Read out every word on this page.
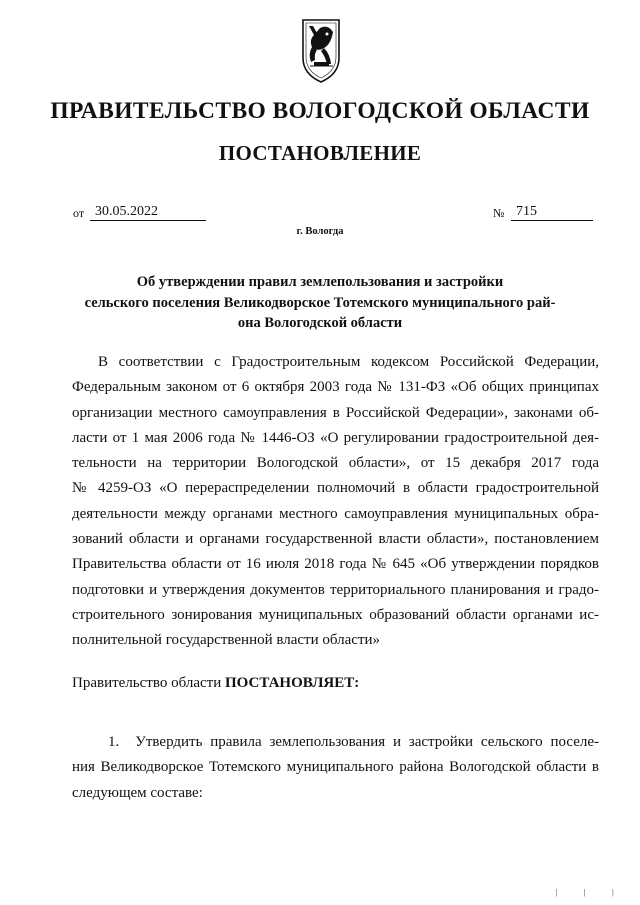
ПРАВИТЕЛЬСТВО ВОЛОГОДСКОЙ ОБЛАСТИ
ПОСТАНОВЛЕНИЕ
от 30.05.2022	№ 715
г. Вологда
Об утверждении правил землепользования и застройки
сельского поселения Великодворское Тотемского муниципального рай-
она Вологодской области
В соответствии с Градостроительным кодексом Российской Федерации,
Федеральным законом от 6 октября 2003 года № 131-ФЗ «Об общих принципах
организации местного самоуправления в Российской Федерации», законами об-
ласти от 1 мая 2006 года № 1446-ОЗ «О регулировании градостроительной дея-
тельности на территории Вологодской области», от 15 декабря 2017 года
№ 4259-ОЗ «О перераспределении полномочий в области градостроительной
деятельности между органами местного самоуправления муниципальных обра-
зований области и органами государственной власти области», постановлением
Правительства области от 16 июля 2018 года № 645 «Об утверждении порядков
подготовки и утверждения документов территориального планирования и градо-
строительного зонирования муниципальных образований области органами ис-
полнительной государственной власти области»
Правительство области ПОСТАНОВЛЯЕТ:
1. Утвердить правила землепользования и застройки сельского поселе-
ния Великодворское Тотемского муниципального района Вологодской области в
следующем составе:
| | |
